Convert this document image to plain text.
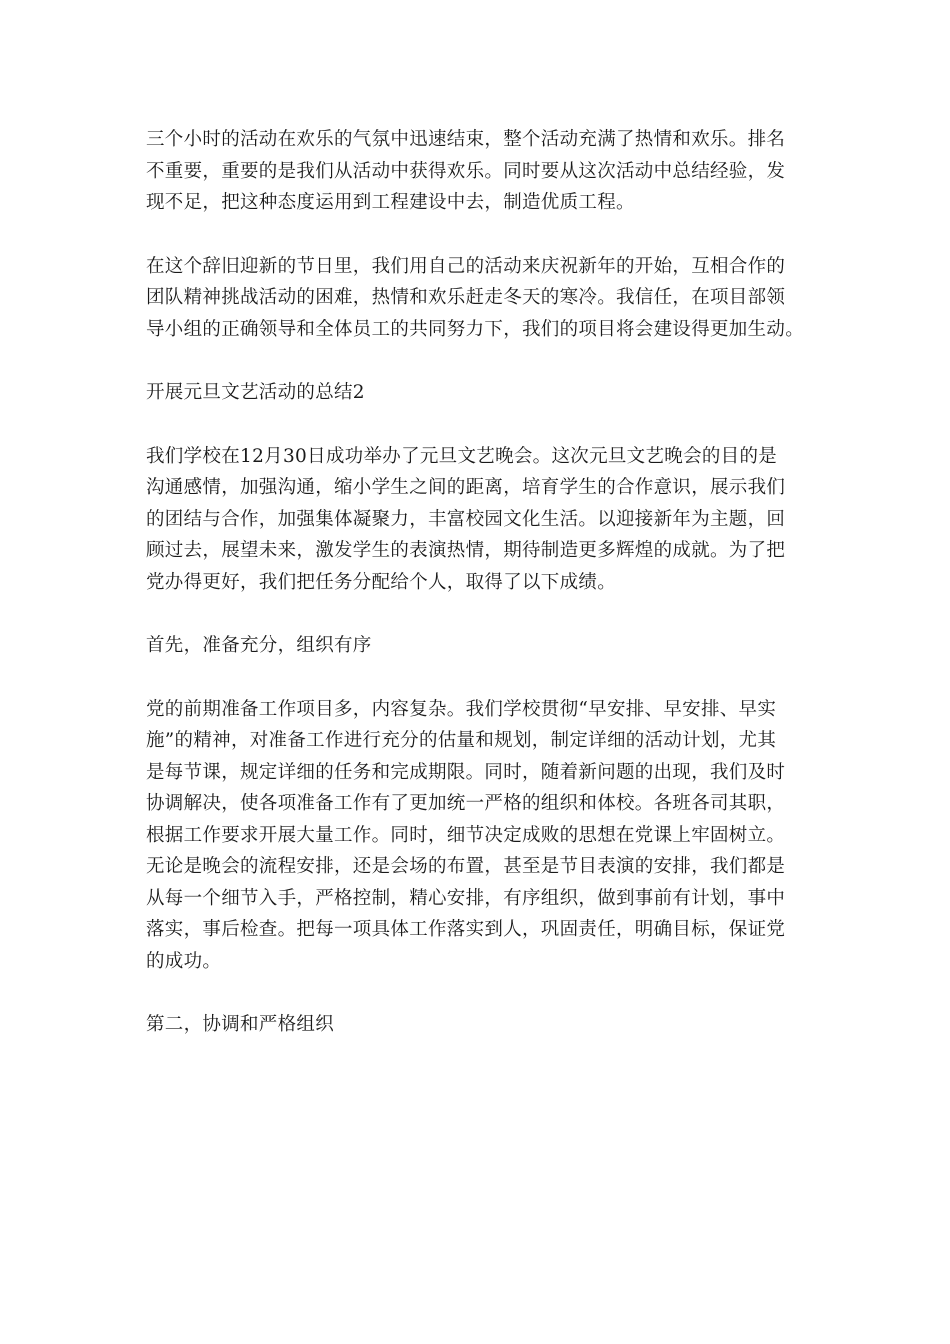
三个小时的活动在欢乐的气氛中迅速结束，整个活动充满了热情和欢乐。排名
不重要，重要的是我们从活动中获得欢乐。同时要从这次活动中总结经验，发
现不足，把这种态度运用到工程建设中去，制造优质工程。

在这个辞旧迎新的节日里，我们用自己的活动来庆祝新年的开始，互相合作的
团队精神挑战活动的困难，热情和欢乐赶走冬天的寒冷。我信任，在项目部领
导小组的正确领导和全体员工的共同努力下，我们的项目将会建设得更加生动。

开展元旦文艺活动的总结2

我们学校在12月30日成功举办了元旦文艺晚会。这次元旦文艺晚会的目的是
沟通感情，加强沟通，缩小学生之间的距离，培育学生的合作意识，展示我们
的团结与合作，加强集体凝聚力，丰富校园文化生活。以迎接新年为主题，回
顾过去，展望未来，激发学生的表演热情，期待制造更多辉煌的成就。为了把
党办得更好，我们把任务分配给个人，取得了以下成绩。

首先，准备充分，组织有序

党的前期准备工作项目多，内容复杂。我们学校贯彻“早安排、早安排、早实
施”的精神，对准备工作进行充分的估量和规划，制定详细的活动计划，尤其
是每节课，规定详细的任务和完成期限。同时，随着新问题的出现，我们及时
协调解决，使各项准备工作有了更加统一严格的组织和体校。各班各司其职，
根据工作要求开展大量工作。同时，细节决定成败的思想在党课上牢固树立。
无论是晚会的流程安排，还是会场的布置，甚至是节目表演的安排，我们都是
从每一个细节入手，严格控制，精心安排，有序组织，做到事前有计划，事中
落实，事后检查。把每一项具体工作落实到人，巩固责任，明确目标，保证党
的成功。

第二，协调和严格组织
